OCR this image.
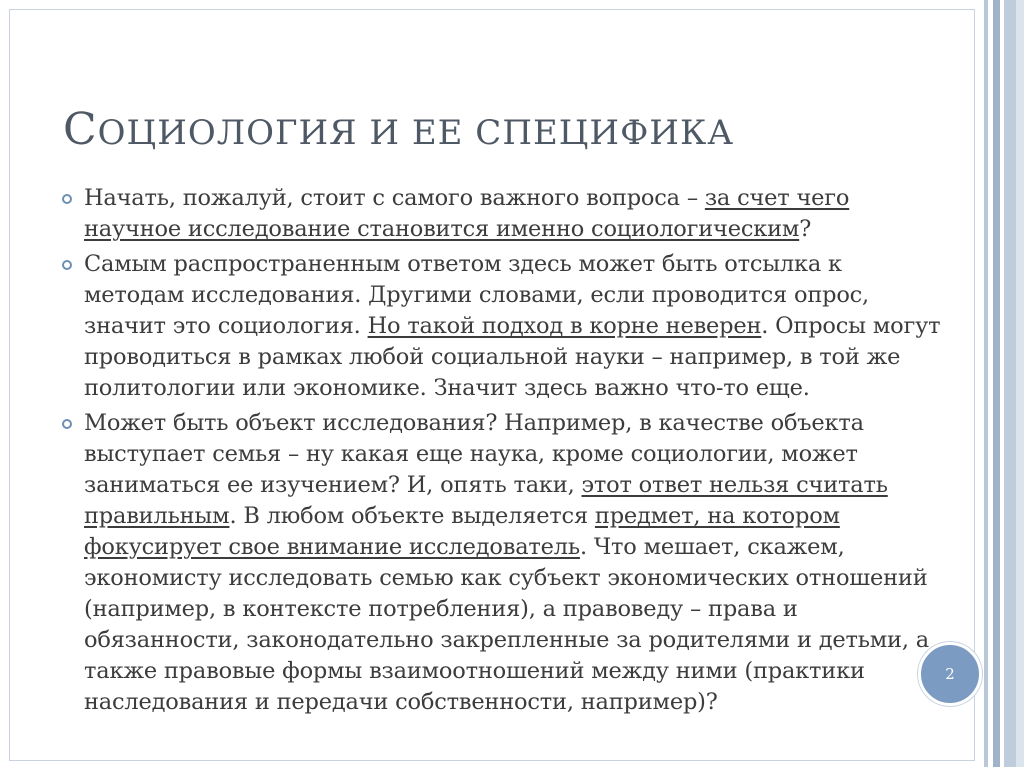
СОЦИОЛОГИЯ И ЕЕ СПЕЦИФИКА
Начать, пожалуй, стоит с самого важного вопроса – за счет чего научное исследование становится именно социологическим?
Самым распространенным ответом здесь может быть отсылка к методам исследования. Другими словами, если проводится опрос, значит это социология. Но такой подход в корне неверен. Опросы могут проводиться в рамках любой социальной науки – например, в той же политологии или экономике. Значит здесь важно что-то еще.
Может быть объект исследования? Например, в качестве объекта выступает семья – ну какая еще наука, кроме социологии, может заниматься ее изучением? И, опять таки, этот ответ нельзя считать правильным. В любом объекте выделяется предмет, на котором фокусирует свое внимание исследователь. Что мешает, скажем, экономисту исследовать семью как субъект экономических отношений (например, в контексте потребления), а правоведу – права и обязанности, законодательно закрепленные за родителями и детьми, а также правовые формы взаимоотношений между ними (практики наследования и передачи собственности, например)?
2
